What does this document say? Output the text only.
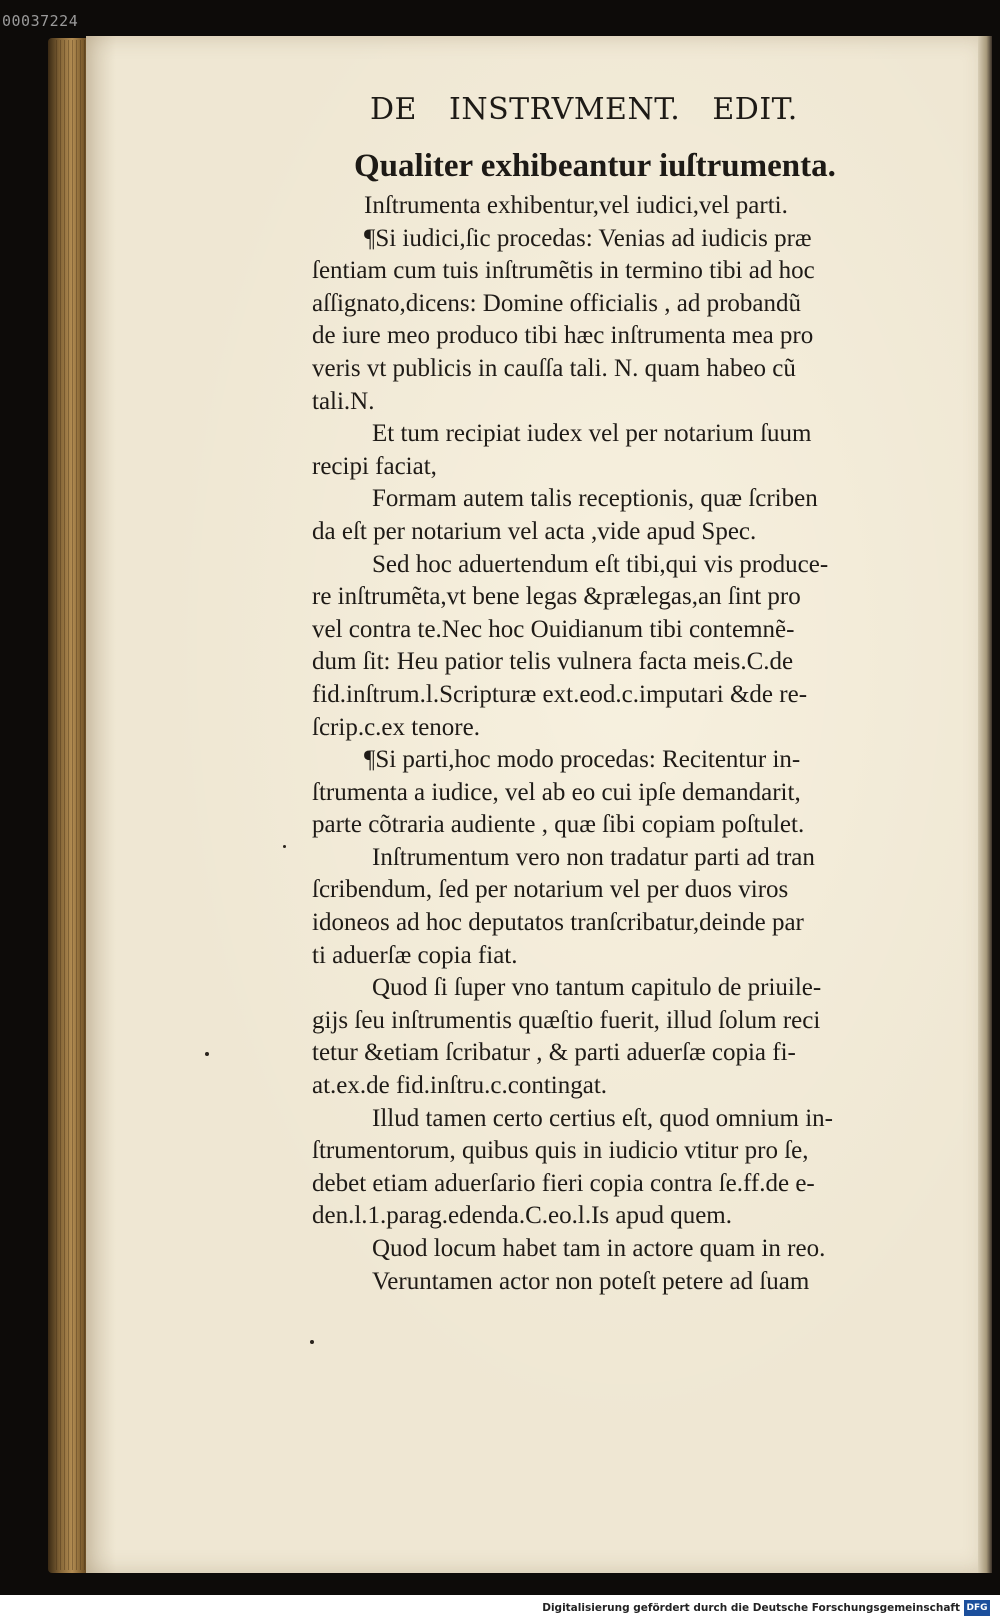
00037224
DE INSTRVMENT. EDIT.
Qualiter exhibeantur iuſtrumenta.
Inſtrumenta exhibentur,vel iudici,vel parti.
¶Si iudici,ſic procedas: Venias ad iudicis præ
ſentiam cum tuis inſtrumẽtis in termino tibi ad hoc
aſſignato,dicens: Domine officialis , ad probandũ
de iure meo produco tibi hæc inſtrumenta mea pro
veris vt publicis in cauſſa tali. N. quam habeo cũ
tali.N.
Et tum recipiat iudex vel per notarium ſuum
recipi faciat,
Formam autem talis receptionis, quæ ſcriben
da eſt per notarium vel acta ,vide apud Spec.
Sed hoc aduertendum eſt tibi,qui vis produce-
re inſtrumẽta,vt bene legas &prælegas,an ſint pro
vel contra te.Nec hoc Ouidianum tibi contemnẽ-
dum ſit: Heu patior telis vulnera facta meis.C.de
fid.inſtrum.l.Scripturæ ext.eod.c.imputari &de re-
ſcrip.c.ex tenore.
¶Si parti,hoc modo procedas: Recitentur in-
ſtrumenta a iudice, vel ab eo cui ipſe demandarit,
parte cõtraria audiente , quæ ſibi copiam poſtulet.
Inſtrumentum vero non tradatur parti ad tran
ſcribendum, ſed per notarium vel per duos viros
idoneos ad hoc deputatos tranſcribatur,deinde par
ti aduerſæ copia fiat.
Quod ſi ſuper vno tantum capitulo de priuile-
gijs ſeu inſtrumentis quæſtio fuerit, illud ſolum reci
tetur &etiam ſcribatur , & parti aduerſæ copia fi-
at.ex.de fid.inſtru.c.contingat.
Illud tamen certo certius eſt, quod omnium in-
ſtrumentorum, quibus quis in iudicio vtitur pro ſe,
debet etiam aduerſario fieri copia contra ſe.ff.de e-
den.l.1.parag.edenda.C.eo.l.Is apud quem.
Quod locum habet tam in actore quam in reo.
Veruntamen actor non poteſt petere ad ſuam
Digitalisierung gefördert durch die Deutsche Forschungsgemeinschaft DFG
